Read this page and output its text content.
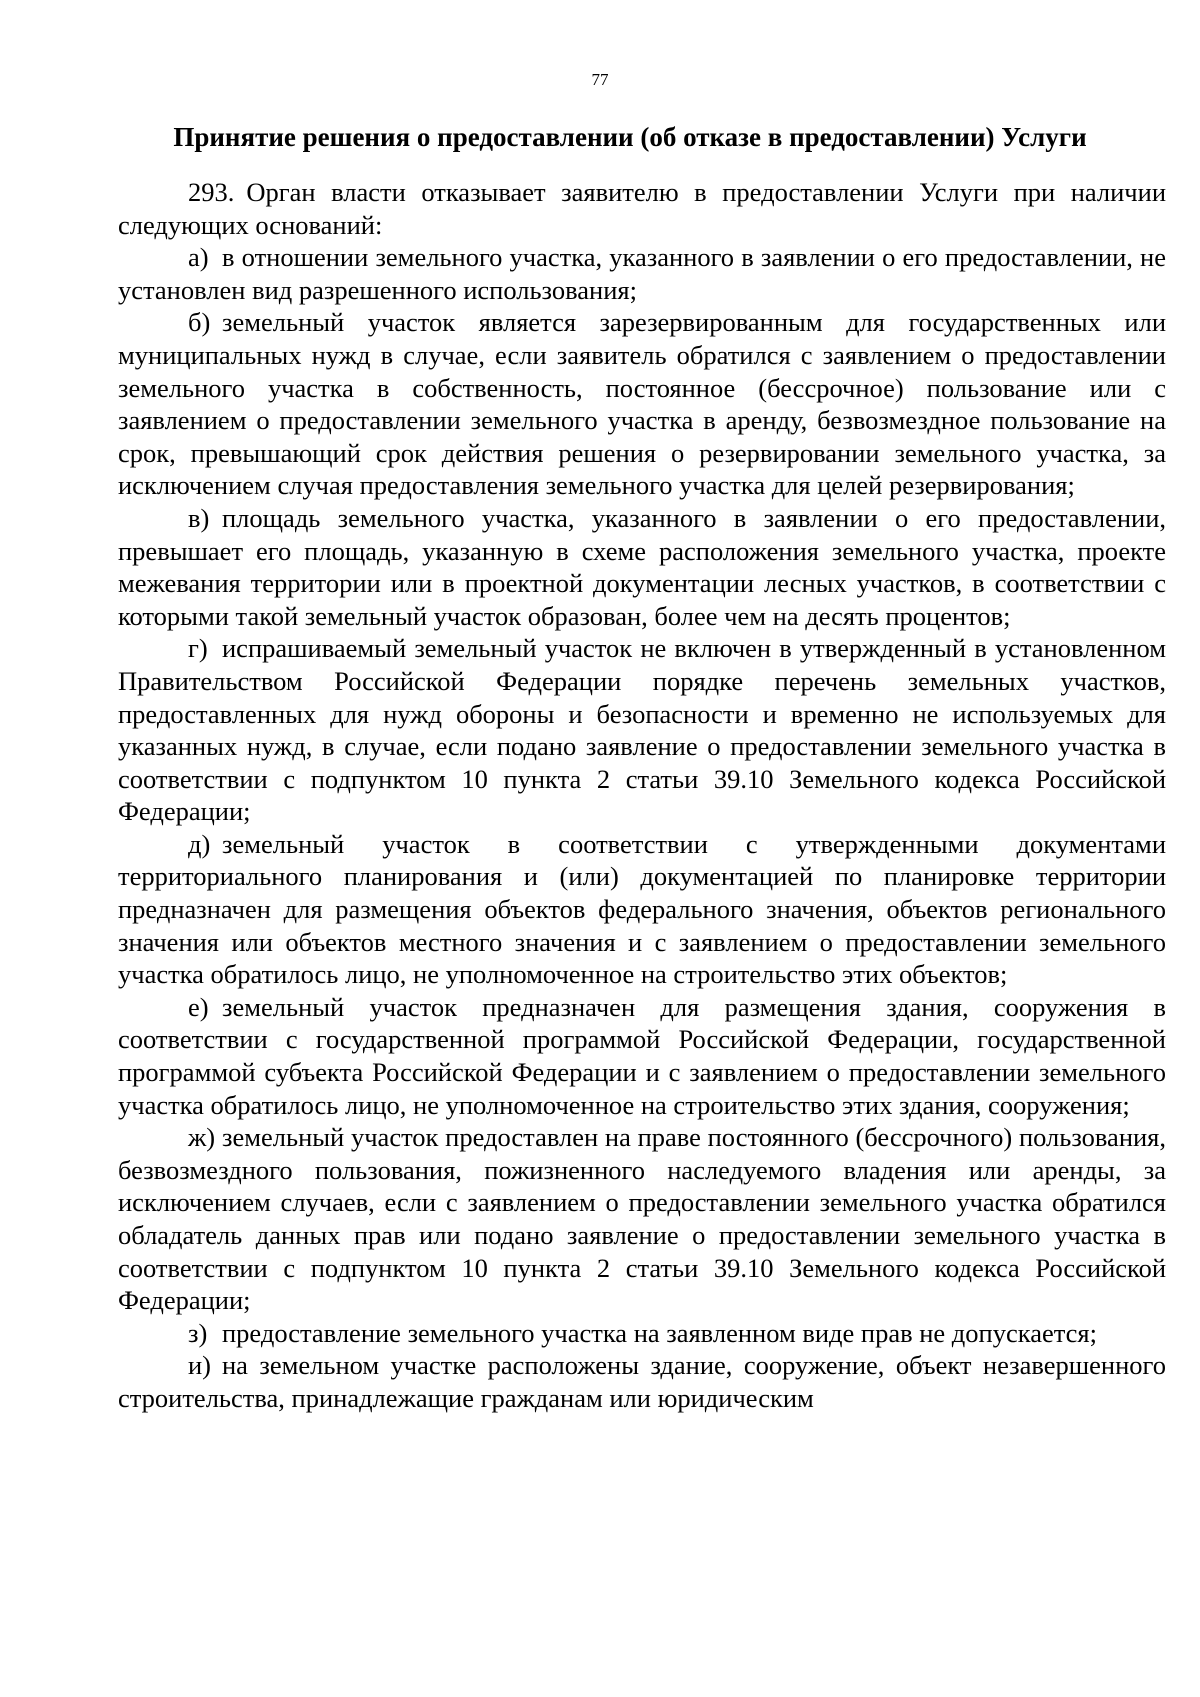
77
Принятие решения о предоставлении (об отказе в предоставлении) Услуги

293. Орган власти отказывает заявителю в предоставлении Услуги при наличии следующих оснований:

а) в отношении земельного участка, указанного в заявлении о его предоставлении, не установлен вид разрешенного использования;

б) земельный участок является зарезервированным для государственных или муниципальных нужд в случае, если заявитель обратился с заявлением о предоставлении земельного участка в собственность, постоянное (бессрочное) пользование или с заявлением о предоставлении земельного участка в аренду, безвозмездное пользование на срок, превышающий срок действия решения о резервировании земельного участка, за исключением случая предоставления земельного участка для целей резервирования;

в) площадь земельного участка, указанного в заявлении о его предоставлении, превышает его площадь, указанную в схеме расположения земельного участка, проекте межевания территории или в проектной документации лесных участков, в соответствии с которыми такой земельный участок образован, более чем на десять процентов;

г) испрашиваемый земельный участок не включен в утвержденный в установленном Правительством Российской Федерации порядке перечень земельных участков, предоставленных для нужд обороны и безопасности и временно не используемых для указанных нужд, в случае, если подано заявление о предоставлении земельного участка в соответствии с подпунктом 10 пункта 2 статьи 39.10 Земельного кодекса Российской Федерации;

д) земельный участок в соответствии с утвержденными документами территориального планирования и (или) документацией по планировке территории предназначен для размещения объектов федерального значения, объектов регионального значения или объектов местного значения и с заявлением о предоставлении земельного участка обратилось лицо, не уполномоченное на строительство этих объектов;

е) земельный участок предназначен для размещения здания, сооружения в соответствии с государственной программой Российской Федерации, государственной программой субъекта Российской Федерации и с заявлением о предоставлении земельного участка обратилось лицо, не уполномоченное на строительство этих здания, сооружения;

ж) земельный участок предоставлен на праве постоянного (бессрочного) пользования, безвозмездного пользования, пожизненного наследуемого владения или аренды, за исключением случаев, если с заявлением о предоставлении земельного участка обратился обладатель данных прав или подано заявление о предоставлении земельного участка в соответствии с подпунктом 10 пункта 2 статьи 39.10 Земельного кодекса Российской Федерации;

з) предоставление земельного участка на заявленном виде прав не допускается;

и) на земельном участке расположены здание, сооружение, объект незавершенного строительства, принадлежащие гражданам или юридическим
